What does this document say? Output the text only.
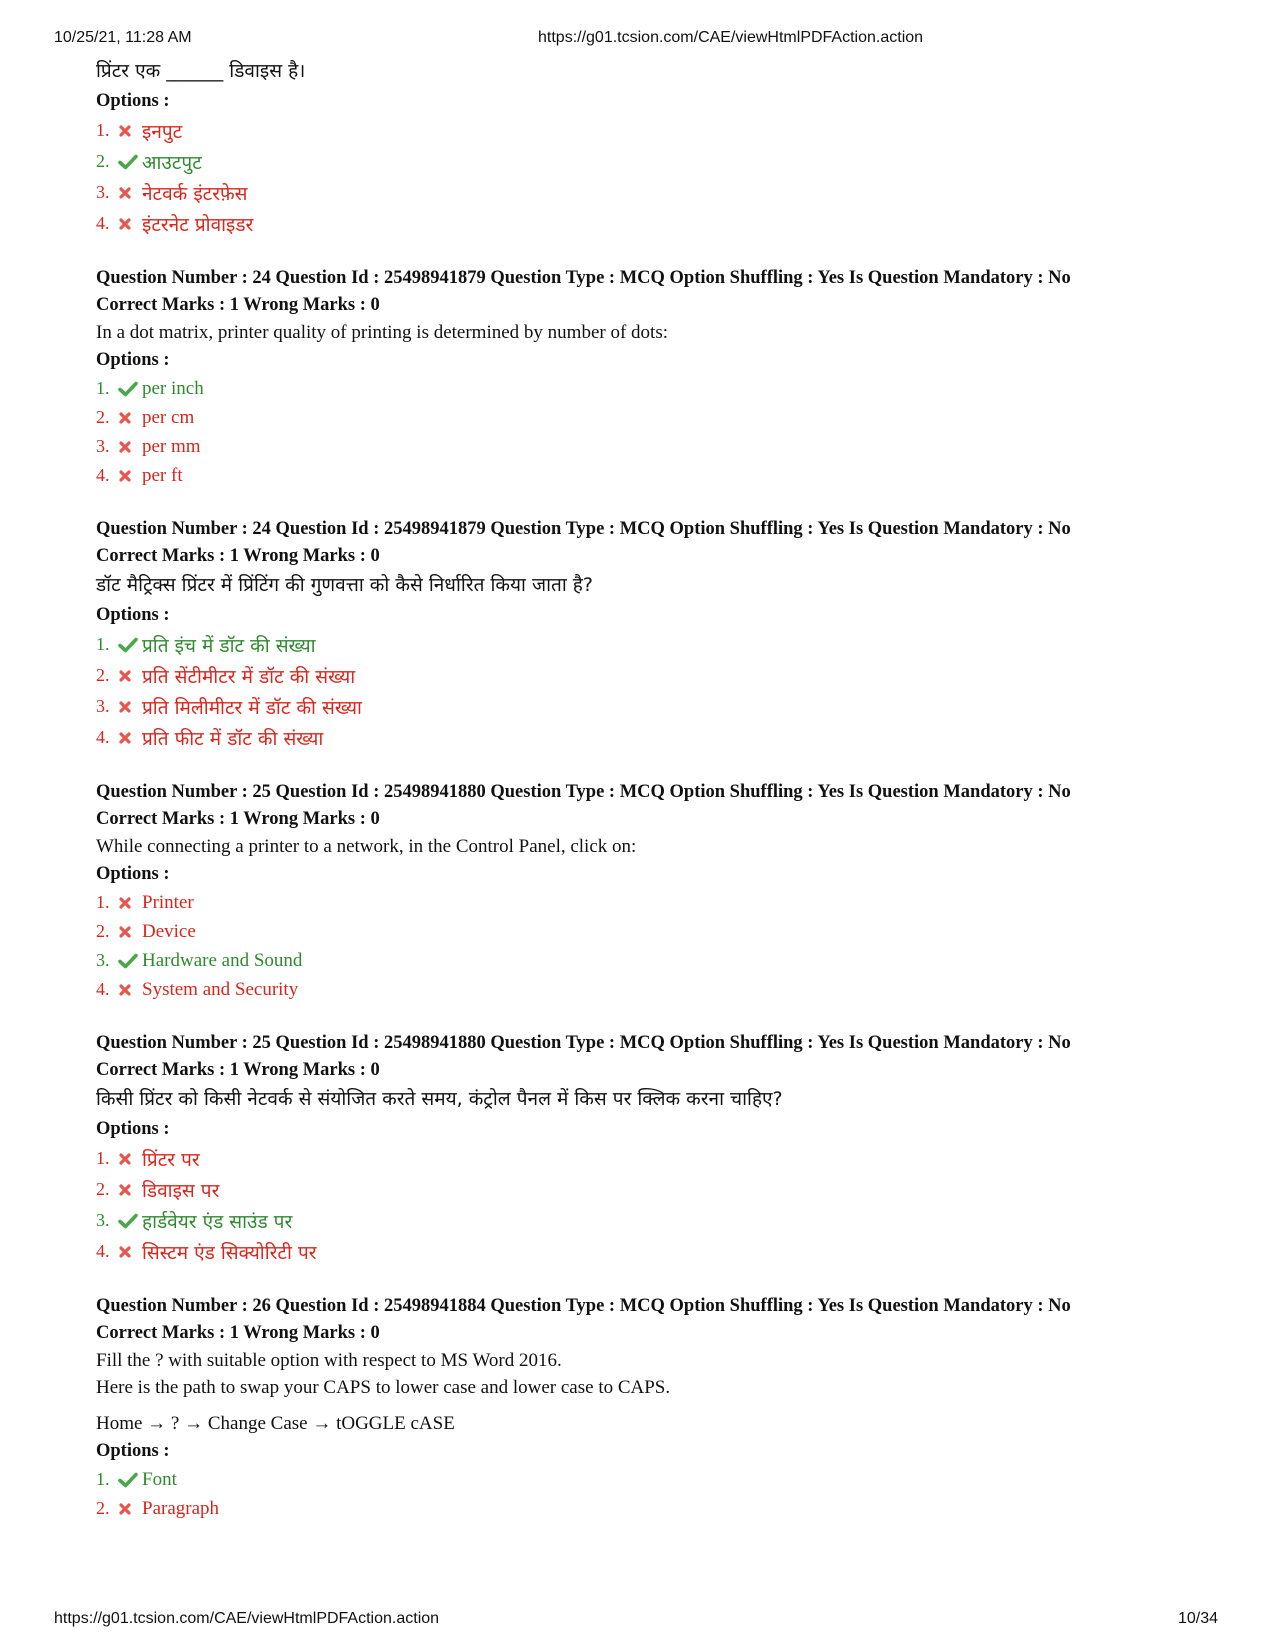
10/25/21, 11:28 AM	https://g01.tcsion.com/CAE/viewHtmlPDFAction.action
प्रिंटर एक ______ डिवाइस है।
Options :
1.	इनपुट
2.	आउटपुट
3.	नेटवर्क इंटरफ़ेस
4.	इंटरनेट प्रोवाइडर
Question Number : 24 Question Id : 25498941879 Question Type : MCQ Option Shuffling : Yes Is Question Mandatory : No
Correct Marks : 1 Wrong Marks : 0
In a dot matrix, printer quality of printing is determined by number of dots:
Options :
1.	per inch
2.	per cm
3.	per mm
4.	per ft
Question Number : 24 Question Id : 25498941879 Question Type : MCQ Option Shuffling : Yes Is Question Mandatory : No
Correct Marks : 1 Wrong Marks : 0
डॉट मैट्रिक्स प्रिंटर में प्रिंटिंग की गुणवत्ता को कैसे निर्धारित किया जाता है?
Options :
1.	प्रति इंच में डॉट की संख्या
2.	प्रति सेंटीमीटर में डॉट की संख्या
3.	प्रति मिलीमीटर में डॉट की संख्या
4.	प्रति फीट में डॉट की संख्या
Question Number : 25 Question Id : 25498941880 Question Type : MCQ Option Shuffling : Yes Is Question Mandatory : No
Correct Marks : 1 Wrong Marks : 0
While connecting a printer to a network, in the Control Panel, click on:
Options :
1.	Printer
2.	Device
3.	Hardware and Sound
4.	System and Security
Question Number : 25 Question Id : 25498941880 Question Type : MCQ Option Shuffling : Yes Is Question Mandatory : No
Correct Marks : 1 Wrong Marks : 0
किसी प्रिंटर को किसी नेटवर्क से संयोजित करते समय, कंट्रोल पैनल में किस पर क्लिक करना चाहिए?
Options :
1.	प्रिंटर पर
2.	डिवाइस पर
3.	हार्डवेयर एंड साउंड पर
4.	सिस्टम एंड सिक्योरिटी पर
Question Number : 26 Question Id : 25498941884 Question Type : MCQ Option Shuffling : Yes Is Question Mandatory : No
Correct Marks : 1 Wrong Marks : 0
Fill the ? with suitable option with respect to MS Word 2016.
Here is the path to swap your CAPS to lower case and lower case to CAPS.
Home → ? → Change Case → tOGGLE cASE
Options :
1.	Font
2.	Paragraph
https://g01.tcsion.com/CAE/viewHtmlPDFAction.action	10/34
